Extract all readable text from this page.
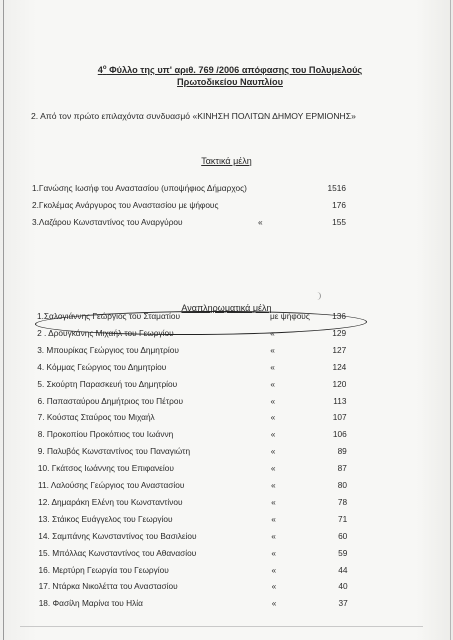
$4^o$ Φύλλο της υπ' αριθ. 769 /2006 απόφασης του Πολυμελούς
Πρωτοδικείου Ναυπλίου
2. Από τον πρώτο επιλαχόντα συνδυασμό «ΚΙΝΗΣΗ ΠΟΛΙΤΩΝ ΔΗΜΟΥ ΕΡΜΙΟΝΗΣ»
Τακτικά μέλη
1.Γανώσης Ιωσήφ του Αναστασίου (υποψήφιος Δήμαρχος)	1516
2.Γκολέμας Ανάργυρος του Αναστασίου με ψήφους	176
3.Λαζάρου Κωνσταντίνος του Αναργύρου	«	155
Αναπληρωματικά μέλη
1.Σαλογιάννης Γεώργιος του Σταματίου	με ψήφους	136
2 . Δρουγκάνης Μιχαήλ του Γεωργίου	«	129
3. Μπουρίκας Γεώργιος του Δημητρίου	«	127
4. Κόμμας Γεώργιος του Δημητρίου	«	124
5. Σκούρτη Παρασκευή του Δημητρίου	«	120
6. Παπασταύρου Δημήτριος του Πέτρου	«	113
7. Κούστας Σταύρος του Μιχαήλ	«	107
8. Προκοπίου Προκόπιος του Ιωάννη	«	106
9. Παλυβός Κωνσταντίνος του Παναγιώτη	«	89
10. Γκάτσος Ιωάννης του Επιφανείου	«	87
11. Λαλούσης Γεώργιος του Αναστασίου	«	80
12. Δημαράκη Ελένη του Κωνσταντίνου	«	78
13. Στάικος Ευάγγελος του Γεωργίου	«	71
14. Σαμπάνης Κωνσταντίνος του Βασιλείου	«	60
15. Μπόλλας Κωνσταντίνος του Αθανασίου	«	59
16. Μερτύρη Γεωργία του Γεωργίου	«	44
17. Ντάρκα Νικολέττα του Αναστασίου	«	40
18. Φασίλη Μαρίνα του Ηλία	«	37
